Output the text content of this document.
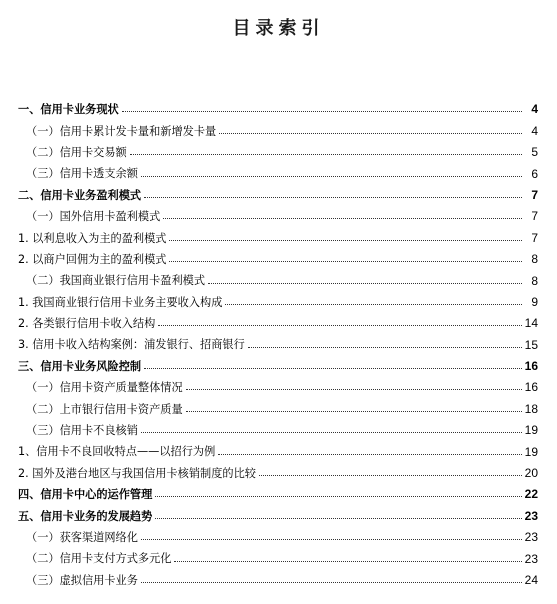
目录索引
一、信用卡业务现状	4
（一）信用卡累计发卡量和新增发卡量	4
（二）信用卡交易额	5
（三）信用卡透支余额	6
二、信用卡业务盈利模式	7
（一）国外信用卡盈利模式	7
1. 以利息收入为主的盈利模式	7
2. 以商户回佣为主的盈利模式	8
（二）我国商业银行信用卡盈利模式	8
1. 我国商业银行信用卡业务主要收入构成	9
2. 各类银行信用卡收入结构	14
3. 信用卡收入结构案例：浦发银行、招商银行	15
三、信用卡业务风险控制	16
（一）信用卡资产质量整体情况	16
（二）上市银行信用卡资产质量	18
（三）信用卡不良核销	19
1、信用卡不良回收特点——以招行为例	19
2. 国外及港台地区与我国信用卡核销制度的比较	20
四、信用卡中心的运作管理	22
五、信用卡业务的发展趋势	23
（一）获客渠道网络化	23
（二）信用卡支付方式多元化	23
（三）虚拟信用卡业务	24
